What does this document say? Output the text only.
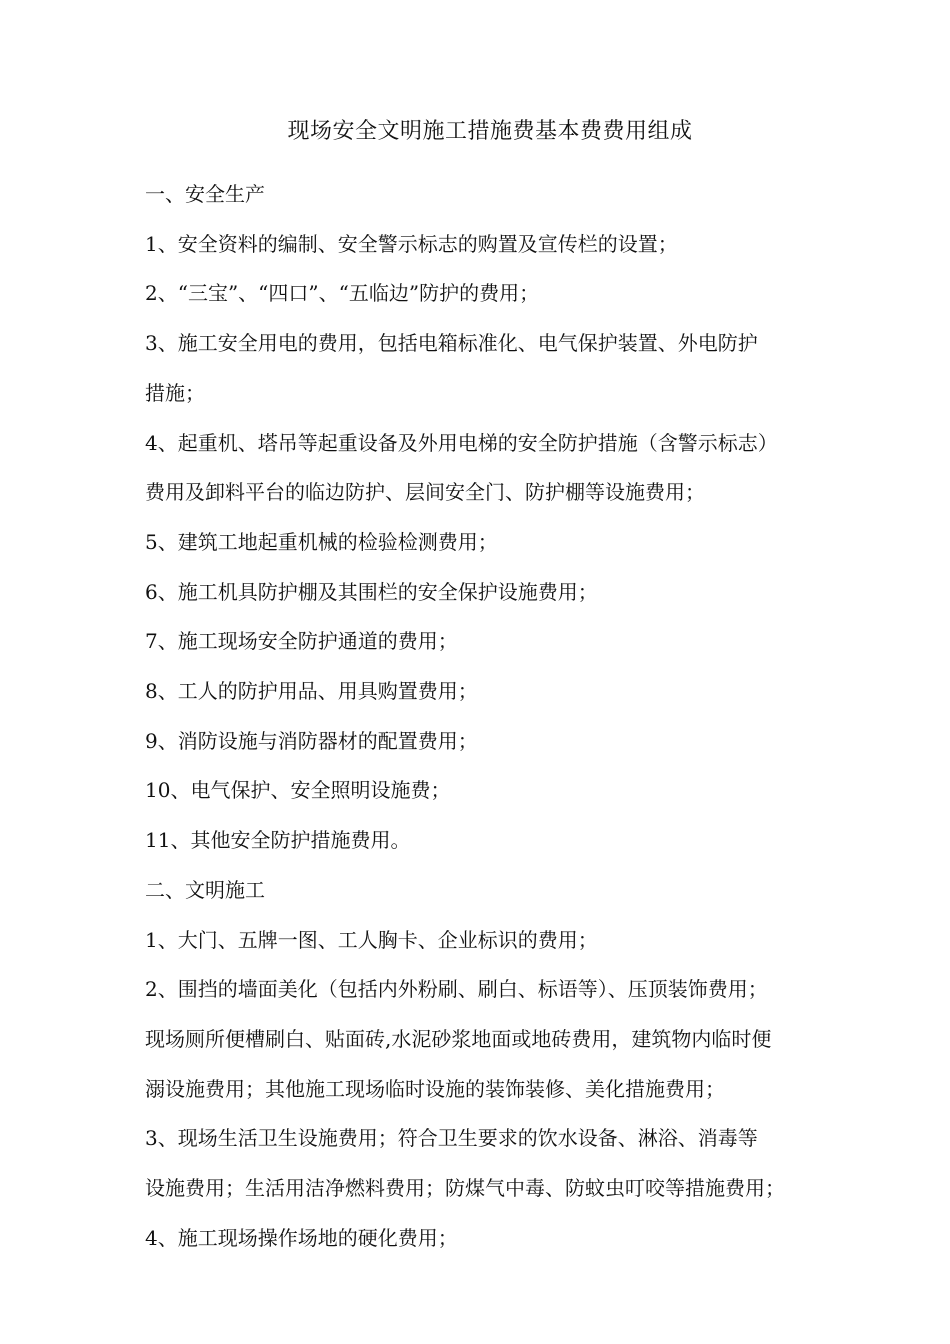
现场安全文明施工措施费基本费费用组成
一、安全生产
1、安全资料的编制、安全警示标志的购置及宣传栏的设置；
2、“三宝”、“四口”、“五临边”防护的费用；
3、施工安全用电的费用，包括电箱标准化、电气保护装置、外电防护
措施；
4、起重机、塔吊等起重设备及外用电梯的安全防护措施（含警示标志）
费用及卸料平台的临边防护、层间安全门、防护棚等设施费用；
5、建筑工地起重机械的检验检测费用；
6、施工机具防护棚及其围栏的安全保护设施费用；
7、施工现场安全防护通道的费用；
8、工人的防护用品、用具购置费用；
9、消防设施与消防器材的配置费用；
10、电气保护、安全照明设施费；
11、其他安全防护措施费用。
二、文明施工
1、大门、五牌一图、工人胸卡、企业标识的费用；
2、围挡的墙面美化（包括内外粉刷、刷白、标语等）、压顶装饰费用；
现场厕所便槽刷白、贴面砖,水泥砂浆地面或地砖费用，建筑物内临时便
溺设施费用；其他施工现场临时设施的装饰装修、美化措施费用；
3、现场生活卫生设施费用；符合卫生要求的饮水设备、淋浴、消毒等
设施费用；生活用洁净燃料费用；防煤气中毒、防蚊虫叮咬等措施费用；
4、施工现场操作场地的硬化费用；
